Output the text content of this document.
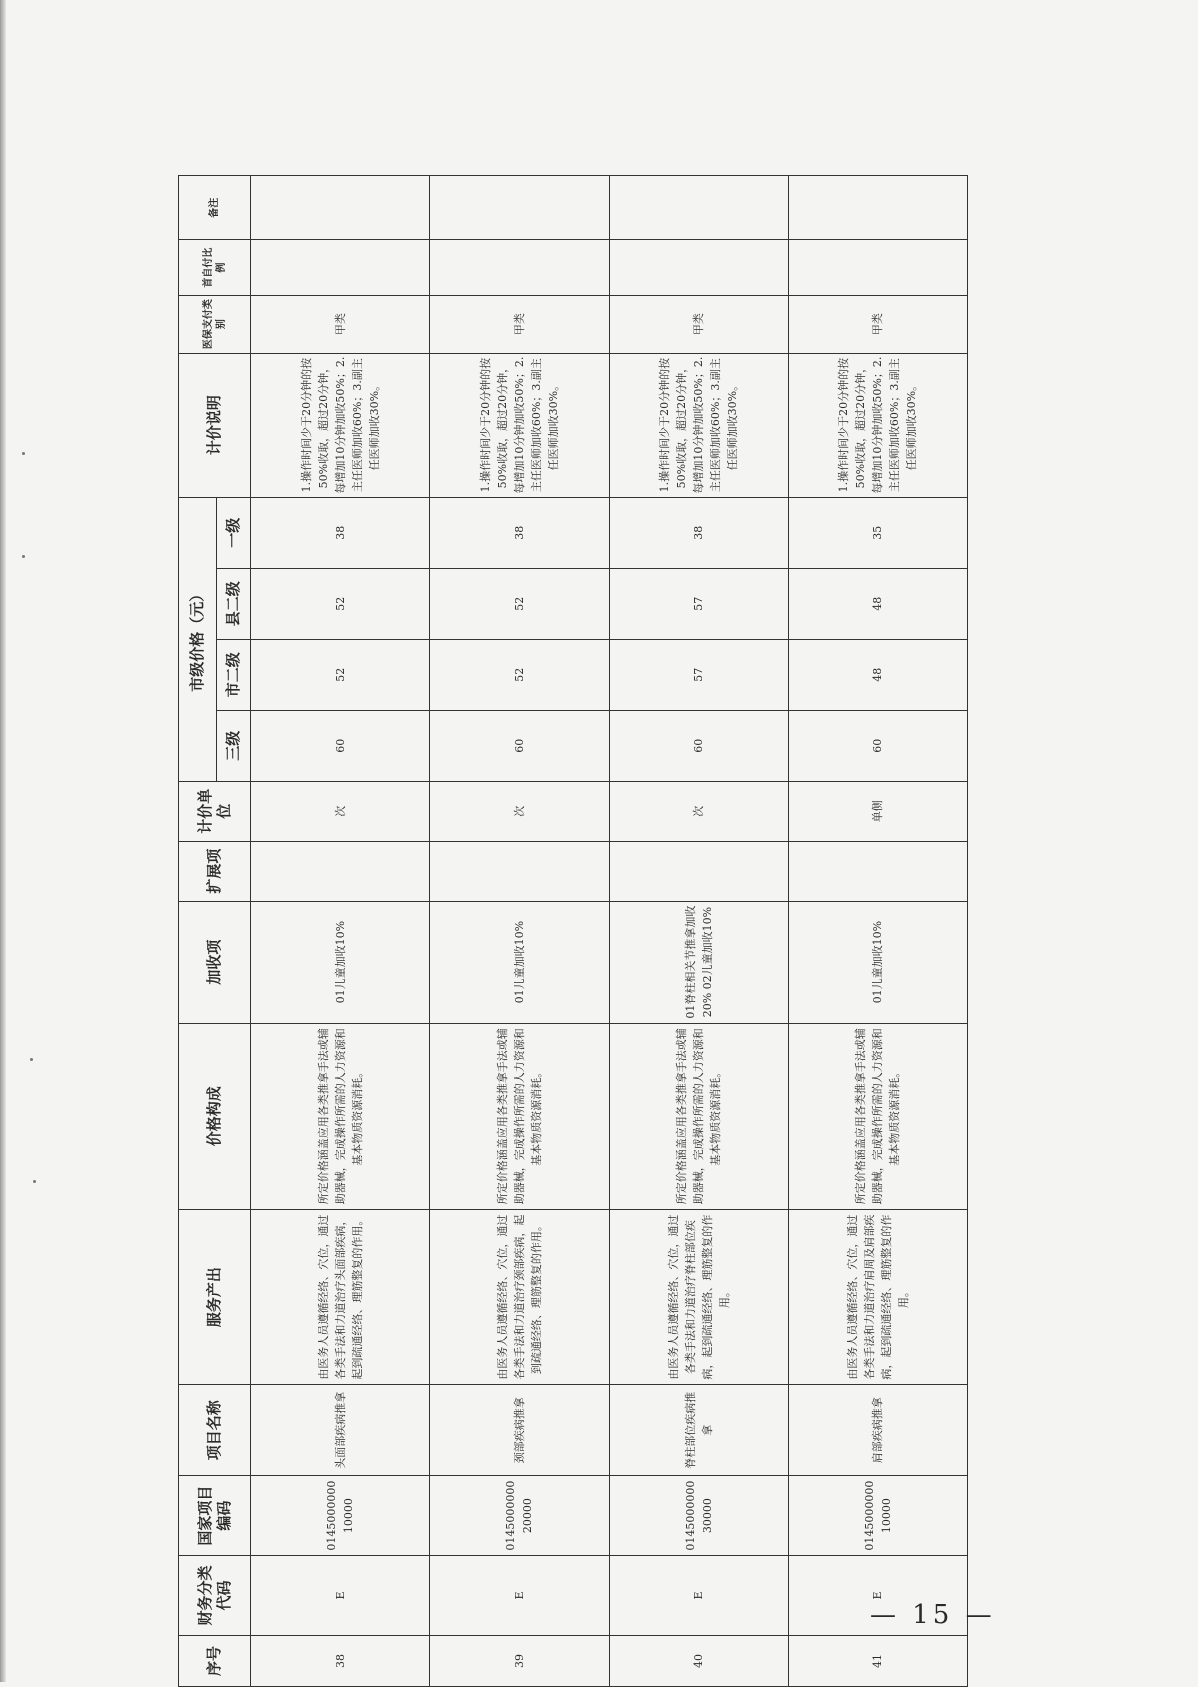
序号	财务分类代码	国家项目编码	项目名称	服务产出	价格构成	加收项	扩展项	计价单位	市级价格（元）				计价说明	医保支付类别	首自付比例	备注
									三级	市二级	县二级	一级				
38	E	014500000010000	头面部疾病推拿	由医务人员遵循经络、穴位，通过各类手法和力道治疗头面部疾病，起到疏通经络、理筋整复的作用。	所定价格涵盖应用各类推拿手法或辅助器械，完成操作所需的人力资源和基本物质资源消耗。	01儿童加收10%		次	60	52	52	38	1.操作时间少于20分钟的按50%收取，超过20分钟，每增加10分钟加收50%；2.主任医师加收60%；3.副主任医师加收30%。	甲类		
39	E	014500000020000	颈部疾病推拿	由医务人员遵循经络、穴位，通过各类手法和力道治疗颈部疾病，起到疏通经络、理筋整复的作用。	所定价格涵盖应用各类推拿手法或辅助器械，完成操作所需的人力资源和基本物质资源消耗。	01儿童加收10%		次	60	52	52	38	1.操作时间少于20分钟的按50%收取，超过20分钟，每增加10分钟加收50%；2.主任医师加收60%；3.副主任医师加收30%。	甲类		
40	E	014500000030000	脊柱部位疾病推拿	由医务人员遵循经络、穴位，通过各类手法和力道治疗脊柱部位疾病，起到疏通经络、理筋整复的作用。	所定价格涵盖应用各类推拿手法或辅助器械，完成操作所需的人力资源和基本物质资源消耗。	01脊柱相关节推拿加收20% 02儿童加收10%		次	60	57	57	38	1.操作时间少于20分钟的按50%收取，超过20分钟，每增加10分钟加收50%；2.主任医师加收60%；3.副主任医师加收30%。	甲类		
41	E	014500000010000	肩部疾病推拿	由医务人员遵循经络、穴位，通过各类手法和力道治疗肩周及肩部疾病，起到疏通经络、理筋整复的作用。	所定价格涵盖应用各类推拿手法或辅助器械，完成操作所需的人力资源和基本物质资源消耗。	01儿童加收10%		单侧	60	48	48	35	1.操作时间少于20分钟的按50%收取，超过20分钟，每增加10分钟加收50%；2.主任医师加收60%；3.副主任医师加收30%。	甲类		
— 15 —
